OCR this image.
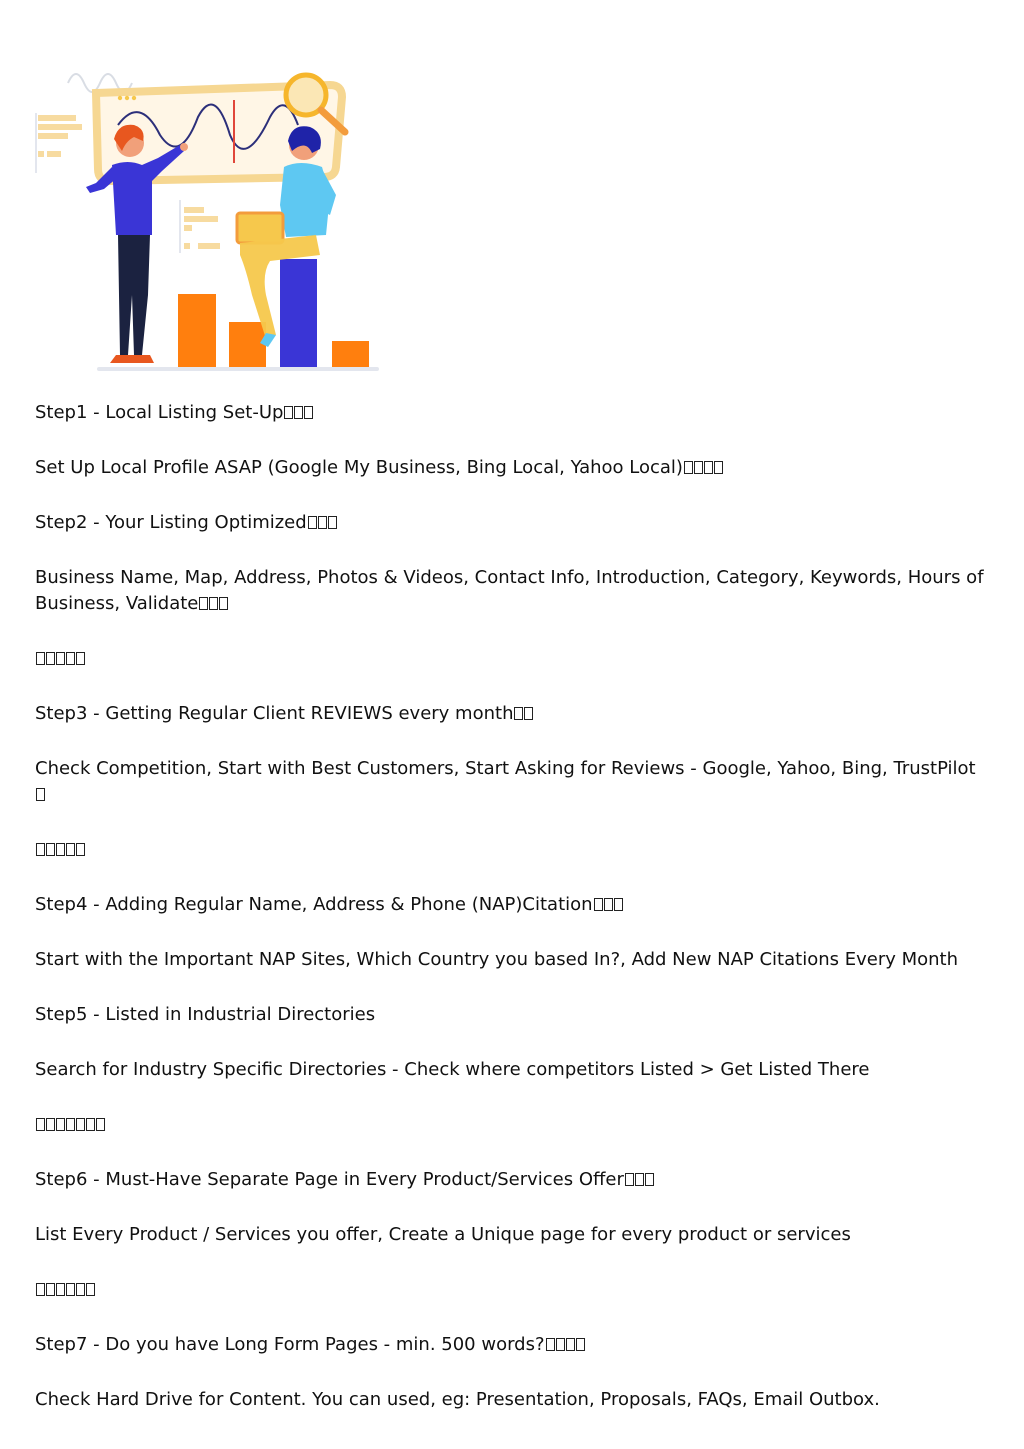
Step1 - Local Listing Set-Up

Set Up Local Profile ASAP (Google My Business, Bing Local, Yahoo Local)

Step2 - Your Listing Optimized

Business Name, Map, Address, Photos & Videos, Contact Info, Introduction, Category, Keywords, Hours of

Business, Validate

Step3 - Getting Regular Client REVIEWS every month

Check Competition, Start with Best Customers, Start Asking for Reviews - Google, Yahoo, Bing, TrustPilot

Step4 - Adding Regular Name, Address & Phone (NAP)Citation

Start with the Important NAP Sites, Which Country you based In?, Add New NAP Citations Every Month

Step5 - Listed in Industrial Directories

Search for Industry Specific Directories - Check where competitors Listed > Get Listed There

Step6 - Must-Have Separate Page in Every Product/Services Offer

List Every Product / Services you offer, Create a Unique page for every product or services

Step7 - Do you have Long Form Pages - min. 500 words?

Check Hard Drive for Content. You can used, eg: Presentation, Proposals, FAQs, Email Outbox.
